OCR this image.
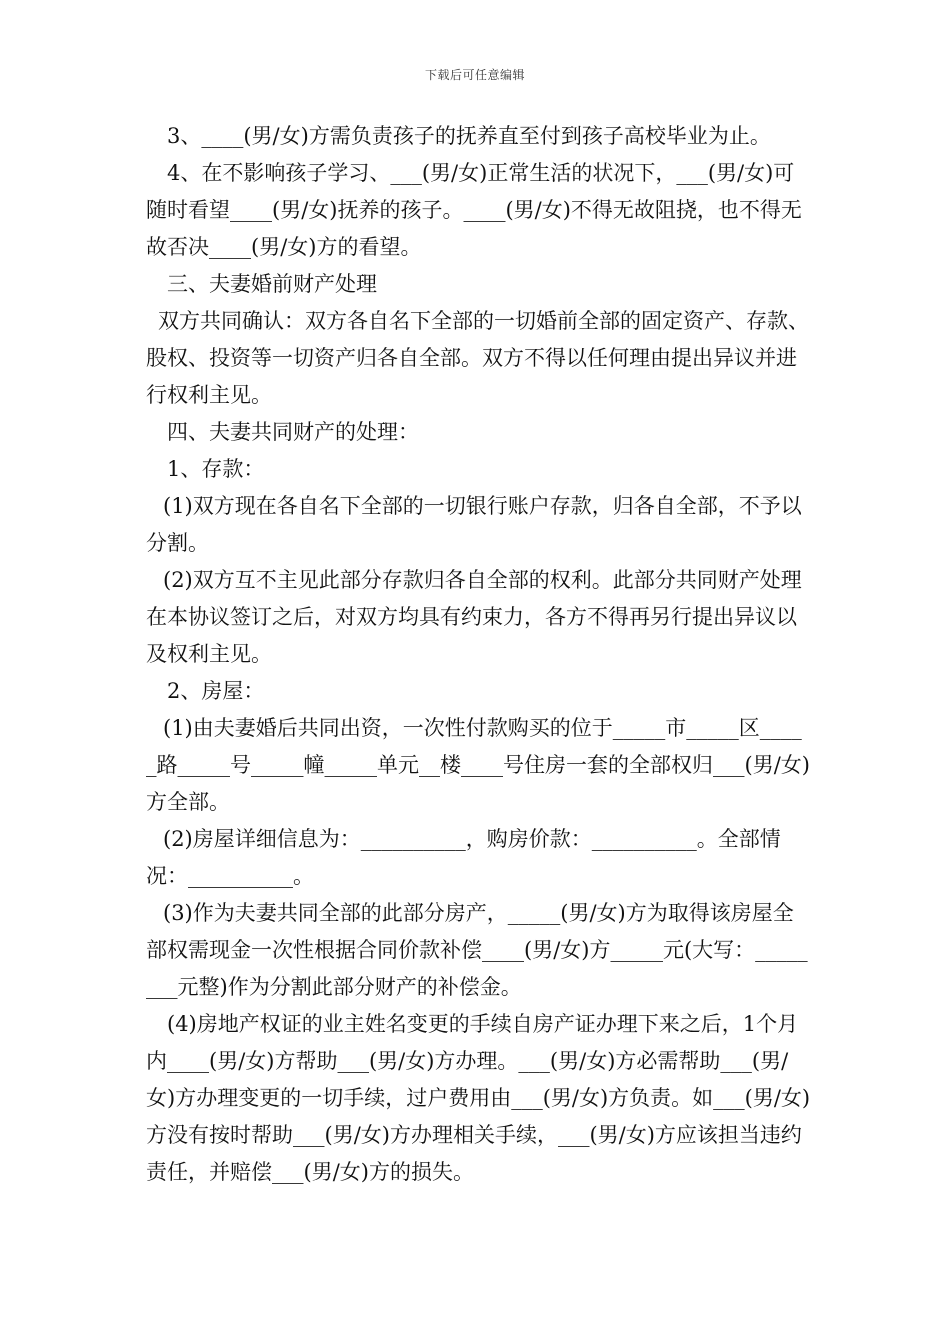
下载后可任意编辑

3、____(男/女)方需负责孩子的抚养直至付到孩子高校毕业为止。

4、在不影响孩子学习、___(男/女)正常生活的状况下，___(男/女)可随时看望____(男/女)抚养的孩子。____(男/女)不得无故阻挠，也不得无故否决____(男/女)方的看望。

三、夫妻婚前财产处理

双方共同确认：双方各自名下全部的一切婚前全部的固定资产、存款、股权、投资等一切资产归各自全部。双方不得以任何理由提出异议并进行权利主见。

四、夫妻共同财产的处理：

1、存款：

(1)双方现在各自名下全部的一切银行账户存款，归各自全部，不予以分割。

(2)双方互不主见此部分存款归各自全部的权利。此部分共同财产处理在本协议签订之后，对双方均具有约束力，各方不得再另行提出异议以及权利主见。

2、房屋：

(1)由夫妻婚后共同出资，一次性付款购买的位于_____市_____区_____路_____号_____幢_____单元__楼____号住房一套的全部权归___(男/女)方全部。

(2)房屋详细信息为：__________，购房价款：__________。全部情况：__________。

(3)作为夫妻共同全部的此部分房产，_____(男/女)方为取得该房屋全部权需现金一次性根据合同价款补偿____(男/女)方_____元(大写：________元整)作为分割此部分财产的补偿金。

(4)房地产权证的业主姓名变更的手续自房产证办理下来之后，1个月内____(男/女)方帮助___(男/女)方办理。___(男/女)方必需帮助___(男/女)方办理变更的一切手续，过户费用由___(男/女)方负责。如___(男/女)方没有按时帮助___(男/女)方办理相关手续，___(男/女)方应该担当违约责任，并赔偿___(男/女)方的损失。
